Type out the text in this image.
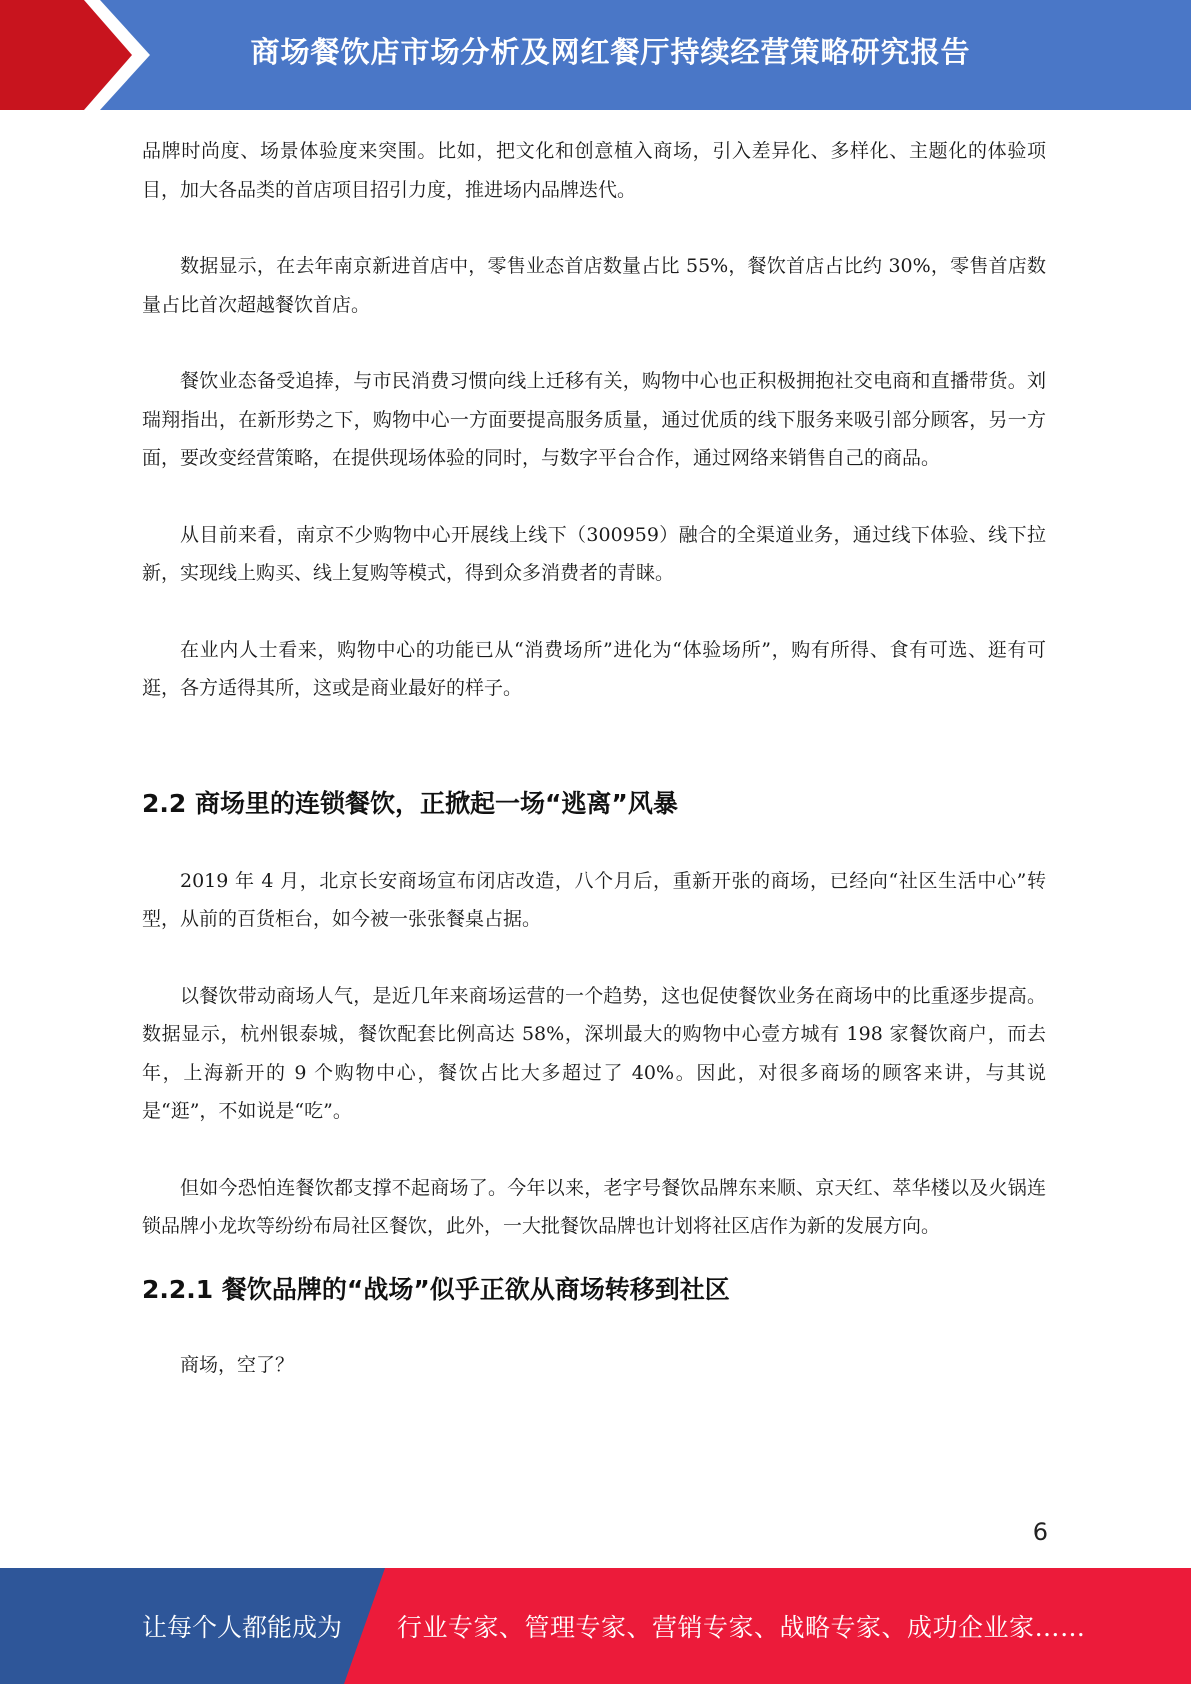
商场餐饮店市场分析及网红餐厅持续经营策略研究报告

品牌时尚度、场景体验度来突围。比如，把文化和创意植入商场，引入差异化、多样化、主题化的体验项目，加大各品类的首店项目招引力度，推进场内品牌迭代。

数据显示，在去年南京新进首店中，零售业态首店数量占比 55%，餐饮首店占比约 30%，零售首店数量占比首次超越餐饮首店。

餐饮业态备受追捧，与市民消费习惯向线上迁移有关，购物中心也正积极拥抱社交电商和直播带货。刘瑞翔指出，在新形势之下，购物中心一方面要提高服务质量，通过优质的线下服务来吸引部分顾客，另一方面，要改变经营策略，在提供现场体验的同时，与数字平台合作，通过网络来销售自己的商品。

从目前来看，南京不少购物中心开展线上线下（300959）融合的全渠道业务，通过线下体验、线下拉新，实现线上购买、线上复购等模式，得到众多消费者的青睐。

在业内人士看来，购物中心的功能已从“消费场所”进化为“体验场所”，购有所得、食有可选、逛有可逛，各方适得其所，这或是商业最好的样子。

2.2 商场里的连锁餐饮，正掀起一场“逃离”风暴

2019 年 4 月，北京长安商场宣布闭店改造，八个月后，重新开张的商场，已经向“社区生活中心”转型，从前的百货柜台，如今被一张张餐桌占据。

以餐饮带动商场人气，是近几年来商场运营的一个趋势，这也促使餐饮业务在商场中的比重逐步提高。数据显示，杭州银泰城，餐饮配套比例高达 58%，深圳最大的购物中心壹方城有 198 家餐饮商户，而去年，上海新开的 9 个购物中心，餐饮占比大多超过了 40%。因此，对很多商场的顾客来讲，与其说是“逛”，不如说是“吃”。

但如今恐怕连餐饮都支撑不起商场了。今年以来，老字号餐饮品牌东来顺、京天红、萃华楼以及火锅连锁品牌小龙坎等纷纷布局社区餐饮，此外，一大批餐饮品牌也计划将社区店作为新的发展方向。

2.2.1 餐饮品牌的“战场”似乎正欲从商场转移到社区

商场，空了？

6
让每个人都能成为 行业专家、管理专家、营销专家、战略专家、成功企业家……
